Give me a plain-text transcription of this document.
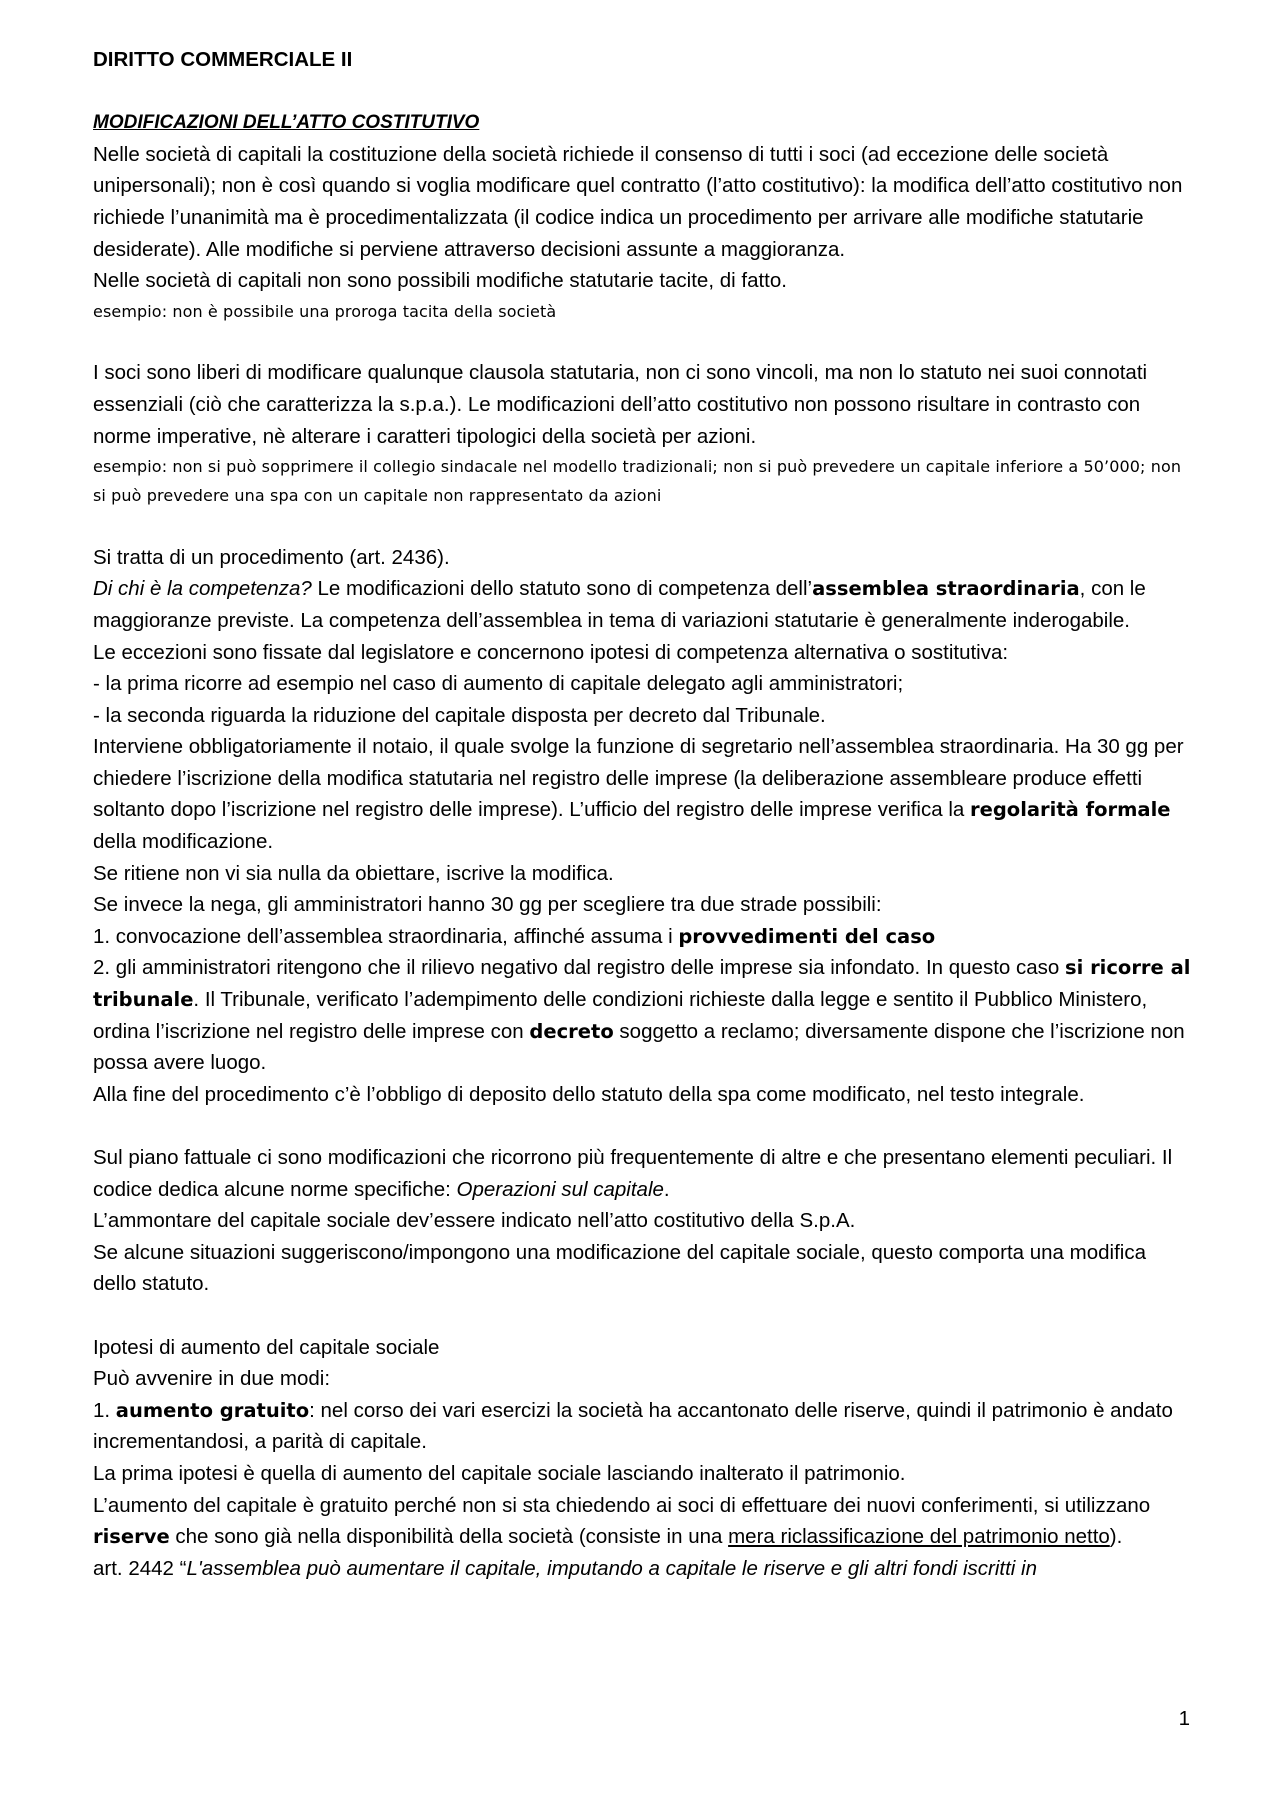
DIRITTO COMMERCIALE II

MODIFICAZIONI DELL’ATTO COSTITUTIVO

Nelle società di capitali la costituzione della società richiede il consenso di tutti i soci (ad eccezione delle società unipersonali); non è così quando si voglia modificare quel contratto (l’atto costitutivo): la modifica dell’atto costitutivo non richiede l’unanimità ma è procedimentalizzata (il codice indica un procedimento per arrivare alle modifiche statutarie desiderate). Alle modifiche si perviene attraverso decisioni assunte a maggioranza.

Nelle società di capitali non sono possibili modifiche statutarie tacite, di fatto.

esempio: non è possibile una proroga tacita della società

I soci sono liberi di modificare qualunque clausola statutaria, non ci sono vincoli, ma non lo statuto nei suoi connotati essenziali (ciò che caratterizza la s.p.a.). Le modificazioni dell’atto costitutivo non possono risultare in contrasto con norme imperative, nè alterare i caratteri tipologici della società per azioni.

esempio: non si può sopprimere il collegio sindacale nel modello tradizionali; non si può prevedere un capitale inferiore a 50’000; non si può prevedere una spa con un capitale non rappresentato da azioni

Si tratta di un procedimento (art. 2436).

Di chi è la competenza? Le modificazioni dello statuto sono di competenza dell’assemblea straordinaria, con le maggioranze previste. La competenza dell’assemblea in tema di variazioni statutarie è generalmente inderogabile.

Le eccezioni sono fissate dal legislatore e concernono ipotesi di competenza alternativa o sostitutiva:

- la prima ricorre ad esempio nel caso di aumento di capitale delegato agli amministratori;

- la seconda riguarda la riduzione del capitale disposta per decreto dal Tribunale.

Interviene obbligatoriamente il notaio, il quale svolge la funzione di segretario nell’assemblea straordinaria. Ha 30 gg per chiedere l’iscrizione della modifica statutaria nel registro delle imprese (la deliberazione assembleare produce effetti soltanto dopo l’iscrizione nel registro delle imprese). L’ufficio del registro delle imprese verifica la regolarità formale della modificazione.

Se ritiene non vi sia nulla da obiettare, iscrive la modifica.

Se invece la nega, gli amministratori hanno 30 gg per scegliere tra due strade possibili:

1. convocazione dell’assemblea straordinaria, affinché assuma i provvedimenti del caso

2. gli amministratori ritengono che il rilievo negativo dal registro delle imprese sia infondato. In questo caso si ricorre al tribunale. Il Tribunale, verificato l’adempimento delle condizioni richieste dalla legge e sentito il Pubblico Ministero, ordina l’iscrizione nel registro delle imprese con decreto soggetto a reclamo; diversamente dispone che l’iscrizione non possa avere luogo.

Alla fine del procedimento c’è l’obbligo di deposito dello statuto della spa come modificato, nel testo integrale.

Sul piano fattuale ci sono modificazioni che ricorrono più frequentemente di altre e che presentano elementi peculiari. Il codice dedica alcune norme specifiche: Operazioni sul capitale.

L’ammontare del capitale sociale dev’essere indicato nell’atto costitutivo della S.p.A.

Se alcune situazioni suggeriscono/impongono una modificazione del capitale sociale, questo comporta una modifica dello statuto.

Ipotesi di aumento del capitale sociale

Può avvenire in due modi:

1. aumento gratuito: nel corso dei vari esercizi la società ha accantonato delle riserve, quindi il patrimonio è andato incrementandosi, a parità di capitale.

La prima ipotesi è quella di aumento del capitale sociale lasciando inalterato il patrimonio.

L’aumento del capitale è gratuito perché non si sta chiedendo ai soci di effettuare dei nuovi conferimenti, si utilizzano riserve che sono già nella disponibilità della società (consiste in una mera riclassificazione del patrimonio netto).

art. 2442 “L'assemblea può aumentare il capitale, imputando a capitale le riserve e gli altri fondi iscritti in

1
